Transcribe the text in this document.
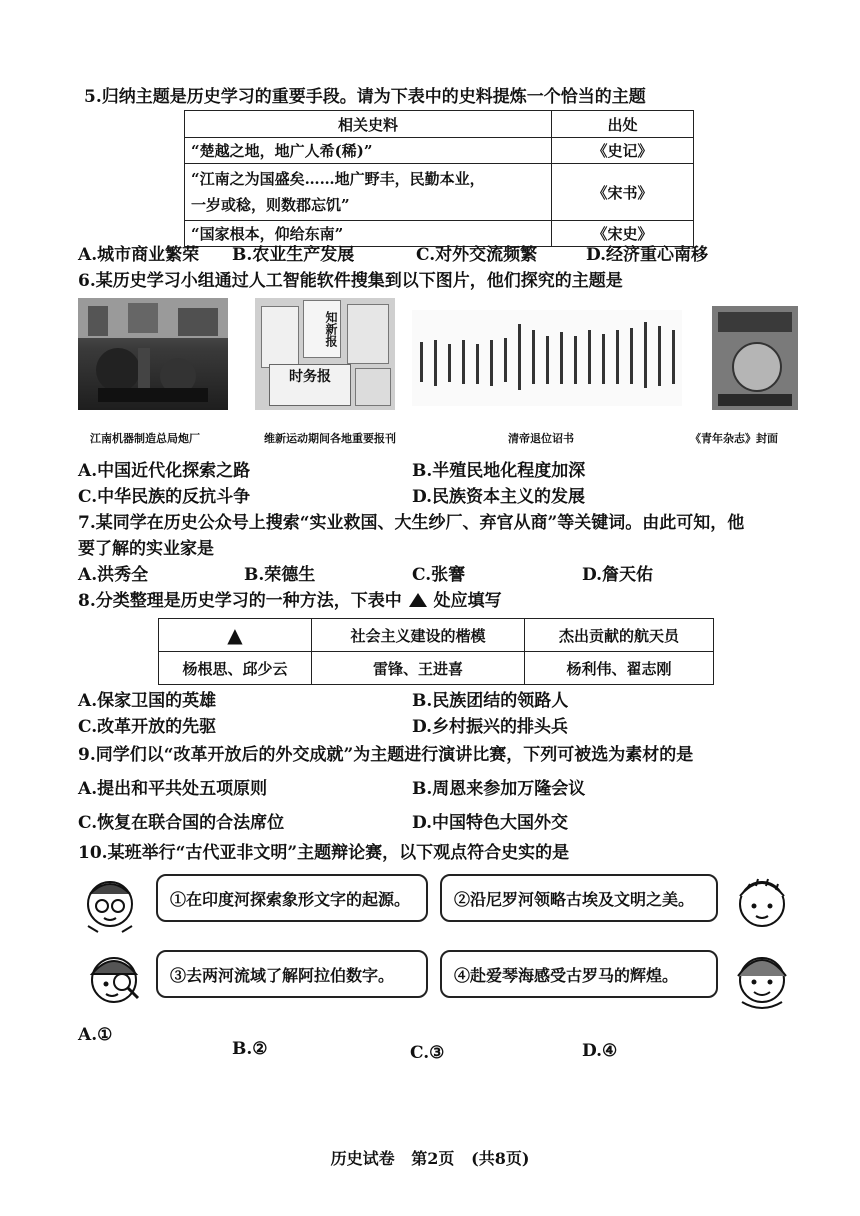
5.归纳主题是历史学习的重要手段。请为下表中的史料提炼一个恰当的主题
相关史料	出处
“楚越之地，地广人希(稀)”	《史记》

“江南之为国盛矣……地广野丰，民勤本业，
一岁或稔，则数郡忘饥”	《宋书》
“国家根本，仰给东南”	《宋史》
A.城市商业繁荣 B.农业生产发展	C.对外交流频繁	D.经济重心南移
6.某历史学习小组通过人工智能软件搜集到以下图片，他们探究的主题是
知新报
时务报
江南机器制造总局炮厂	维新运动期间各地重要报刊	清帝退位诏书	《青年杂志》封面
A.中国近代化探索之路	B.半殖民地化程度加深
C.中华民族的反抗斗争	D.民族资本主义的发展
7.某同学在历史公众号上搜索“实业救国、大生纱厂、弃官从商”等关键词。由此可知，他
要了解的实业家是
A.洪秀全	B.荣德生	C.张謇	D.詹天佑
8.分类整理是历史学习的一种方法，下表中 处应填写
▲	社会主义建设的楷模	杰出贡献的航天员
杨根思、邱少云	雷锋、王进喜	杨利伟、翟志刚
A.保家卫国的英雄	B.民族团结的领路人
C.改革开放的先驱	D.乡村振兴的排头兵
9.同学们以“改革开放后的外交成就”为主题进行演讲比赛，下列可被选为素材的是
A.提出和平共处五项原则	B.周恩来参加万隆会议
C.恢复在联合国的合法席位	D.中国特色大国外交
10.某班举行“古代亚非文明”主题辩论赛，以下观点符合史实的是
①在印度河探索象形文字的起源。	②沿尼罗河领略古埃及文明之美。
③去两河流域了解阿拉伯数字。	④赴爱琴海感受古罗马的辉煌。
A.①
B.②	C.③	D.④
历史试卷   第2页   (共8页)
